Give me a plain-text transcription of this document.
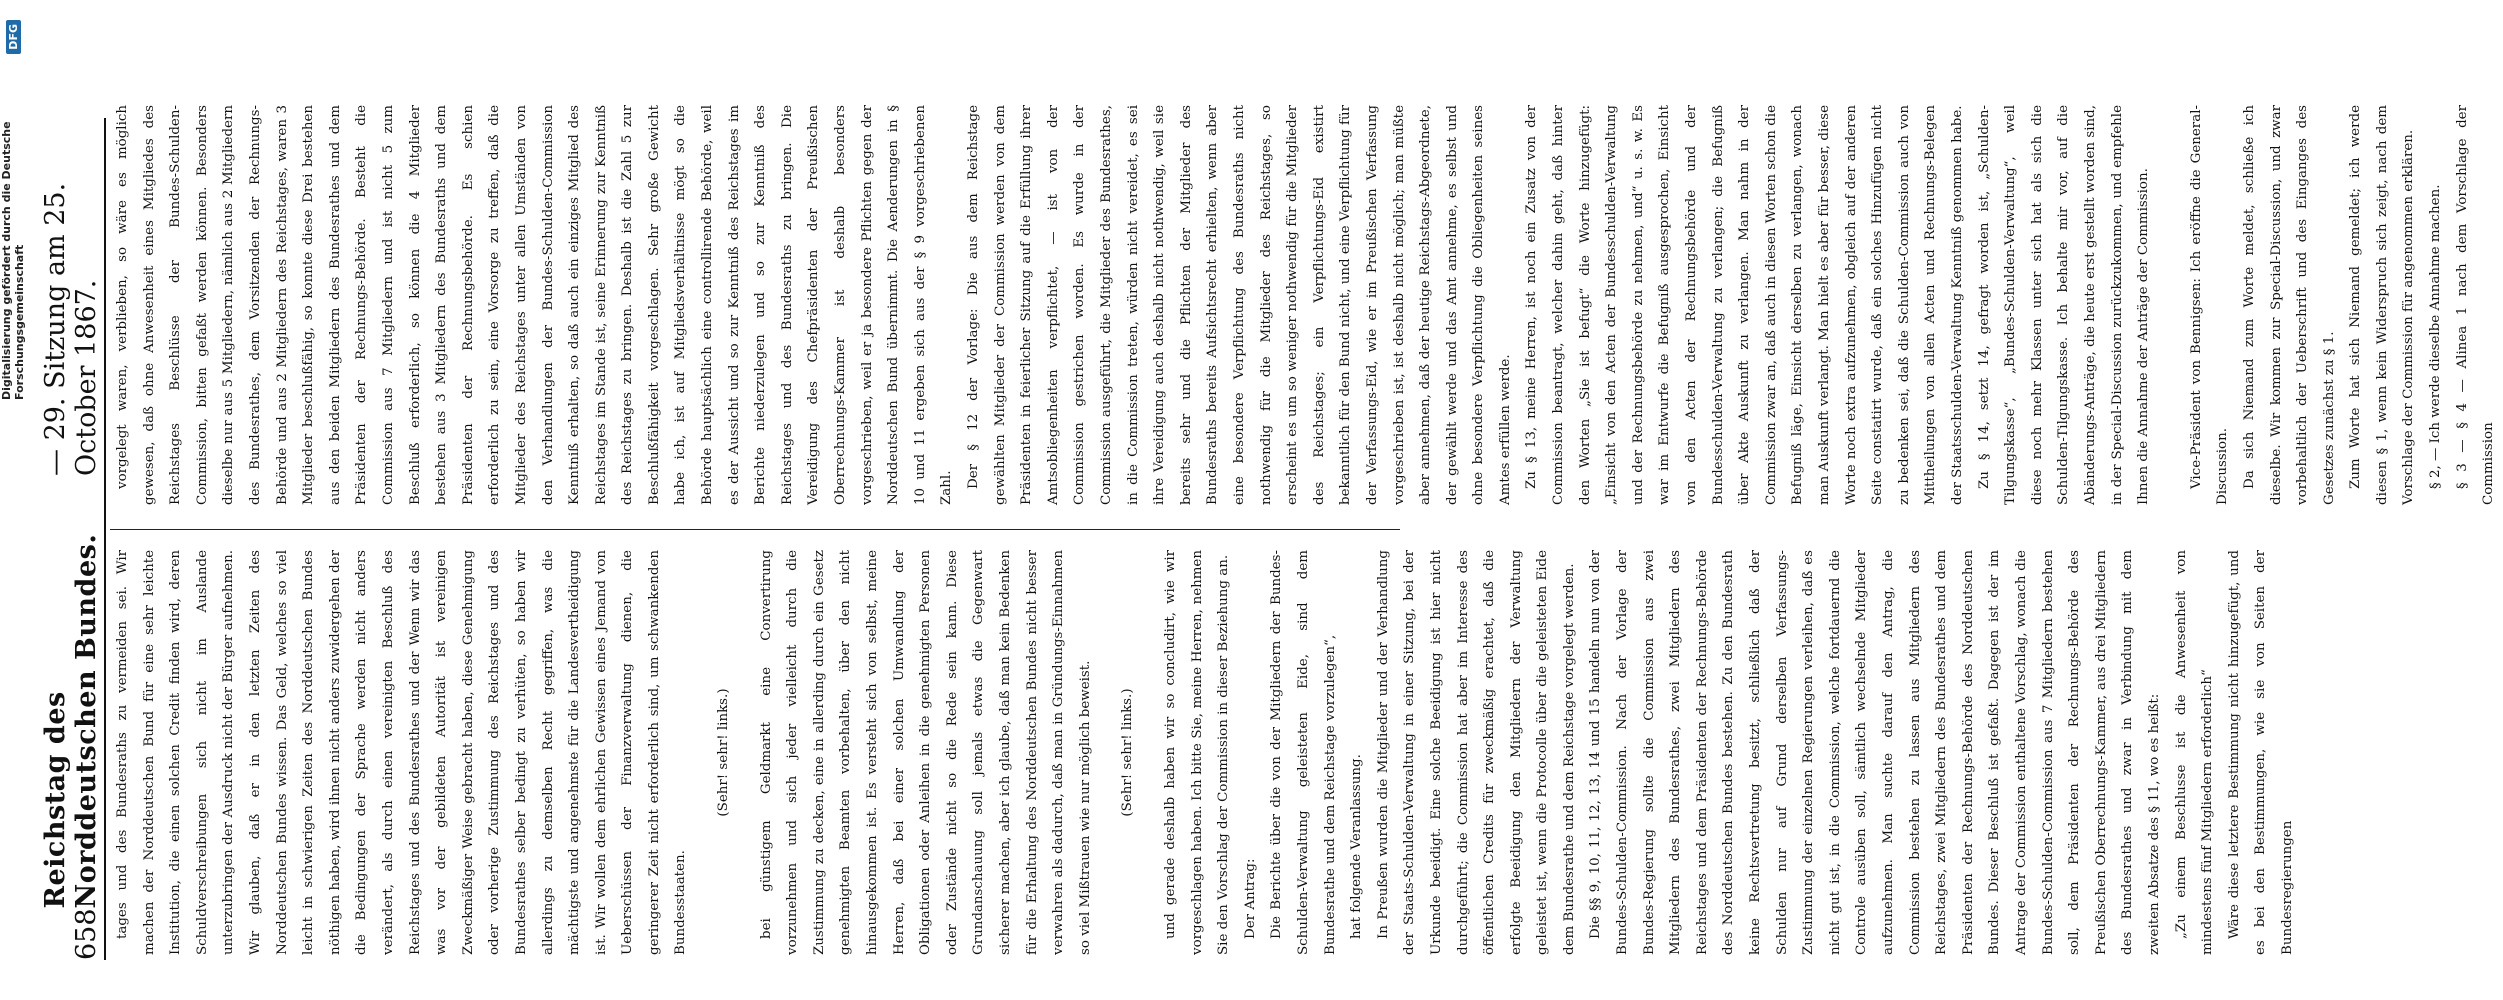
658
Reichstag des Norddeutschen Bundes.
— 29. Sitzung am 25. October 1867.

tages und des Bundesraths zu vermeiden sei. Wir machen der Norddeutschen Bund für eine sehr leichte Institution, die einen solchen Credit finden wird, deren Schuldverschreibungen sich nicht im Auslande unterzubringen der Ausdruck nicht der Bürger aufnehmen. Wir glauben, daß er in den letzten Zeiten des Norddeutschen Bundes wissen. Das Geld, welches so viel leicht in schwierigen Zeiten des Norddeutschen Bundes nöthigen haben, wird ihnen nicht anders zuwidergehen der die Bedingungen der Sprache werden nicht anders verändert, als durch einen vereinigten Beschluß des Reichstages und des Bundesrathes und der Wenn wir das was vor der gebildeten Autorität ist vereinigen Zweckmäßiger Weise gebracht haben, diese Genehmigung oder vorherige Zustimmung des Reichstages und des Bundesrathes selber bedingt zu verhüten, so haben wir allerdings zu demselben Recht gegriffen, was die mächtigste und angenehmste für die Landesvertheidigung ist. Wir wollen dem ehrlichen Gewissen eines Jemand von Ueberschüssen der Finanzverwaltung dienen, die geringerer Zeit nicht erforderlich sind, um schwankenden Bundesstaaten.

(Sehr! sehr! links.)	bei günstigem Geldmarkt eine Convertirung vorzunehmen und sich jeder vielleicht durch die Zustimmung zu decken, eine in allerding durch ein Gesetz genehmigten Beamten vorbehalten, über den nicht hinausgekommen ist. Es versteht sich von selbst, meine Herren, daß bei einer solchen Umwandlung der Obligationen oder Anleihen in die genehmigten Personen oder Zustände nicht so die Rede sein kann. Diese Grundanschauung soll jemals etwas die Gegenwart sicherer machen, aber ich glaube, daß man kein Bedenken für die Erhaltung des Norddeutschen Bundes nicht besser verwahren als dadurch, daß man in Gründungs-Einnahmen so viel Mißtrauen wie nur möglich beweist.	(Sehr! sehr! links.)	und gerade deshalb haben wir so concludirt, wie wir vorgeschlagen haben. Ich bitte Sie, meine Herren, nehmen Sie den Vorschlag der Commission in dieser Beziehung an. Der Antrag: Die Berichte über die von der Mitgliedern der Bundes-Schulden-Verwaltung geleisteten Eide, sind dem Bundesrathe und dem Reichstage vorzulegen“, hat folgende Veranlassung. In Preußen wurden die Mitglieder und der Verhandlung der Staats-Schulden-Verwaltung in einer Sitzung, bei der Urkunde beeidigt. Eine solche Beeidigung ist hier nicht durchgeführt; die Commission hat aber im Interesse des öffentlichen Credits für zweckmäßig erachtet, daß die erfolgte Beeidigung den Mitgliedern der Verwaltung geleistet ist, wenn die Protocolle über die geleisteten Eide dem Bundesrathe und dem Reichstage vorgelegt werden. Die §§ 9, 10, 11, 12, 13, 14 und 15 handeln nun von der Bundes-Schulden-Commission. Nach der Vorlage der Bundes-Regierung sollte die Commission aus zwei Mitgliedern des Bundesrathes, zwei Mitgliedern des Reichstages und dem Präsidenten der Rechnungs-Behörde des Norddeutschen Bundes bestehen. Zu den Bundesrath keine Rechtsvertretung besitzt, schließlich daß der Schulden nur auf Grund derselben Verfassungs-Zustimmung der einzelnen Regierungen verleihen, daß es nicht gut ist, in die Commission, welche fortdauernd die Controle ausüben soll, sämtlich wechselnde Mitglieder aufzunehmen. Man suchte darauf den Antrag, die Commission bestehen zu lassen aus Mitgliedern des Reichstages, zwei Mitgliedern des Bundesrathes und dem Präsidenten der Rechnungs-Behörde des Norddeutschen Bundes. Dieser Beschluß ist gefaßt. Dagegen ist der im Antrage der Commission enthaltene Vorschlag, wonach die Bundes-Schulden-Commission aus 7 Mitgliedern bestehen soll, dem Präsidenten der Rechnungs-Behörde des Preußischen Oberrechnungs-Kammer, aus drei Mitgliedern des Bundesrathes und zwar in Verbindung mit dem zweiten Absatze des § 11, wo es heißt: „Zu einem Beschlusse ist die Anwesenheit von mindestens fünf Mitgliedern erforderlich“ Wäre diese letztere Bestimmung nicht hinzugefügt, und es bei den Bestimmungen, wie sie von Seiten der Bundesregierungen

vorgelegt waren, verblieben, so wäre es möglich gewesen, daß ohne Anwesenheit eines Mitgliedes des Reichstages Beschlüsse der Bundes-Schulden-Commission, bitten gefaßt werden können. Besonders dieselbe nur aus 5 Mitgliedern, nämlich aus 2 Mitgliedern des Bundesrathes, dem Vorsitzenden der Rechnungs-Behörde und aus 2 Mitgliedern des Reichstages, waren 3 Mitglieder beschlußfähig, so konnte diese Drei bestehen aus den beiden Mitgliedern des Bundesrathes und dem Präsidenten der Rechnungs-Behörde. Besteht die Commission aus 7 Mitgliedern und ist nicht 5 zum Beschluß erforderlich, so können die 4 Mitglieder bestehen aus 3 Mitgliedern des Bundesraths und dem Präsidenten der Rechnungsbehörde. Es schien erforderlich zu sein, eine Vorsorge zu treffen, daß die Mitglieder des Reichstages unter allen Umständen von den Verhandlungen der Bundes-Schulden-Commission Kenntniß erhalten, so daß auch ein einziges Mitglied des Reichstages im Stande ist, seine Erinnerung zur Kenntniß des Reichstages zu bringen. Deshalb ist die Zahl 5 zur Beschlußfähigkeit vorgeschlagen. Sehr große Gewicht habe ich, ist auf Mitgliedsverhältnisse mögt so die Behörde hauptsächlich eine controllirende Behörde, weil es der Aussicht und so zur Kenntniß des Reichstages im Berichte niederzulegen und so zur Kenntniß des Reichstages und des Bundesraths zu bringen. Die Vereidigung des Chefpräsidenten der Preußischen Oberrechnungs-Kammer ist deshalb besonders vorgeschrieben, weil er ja besondere Pflichten gegen der Norddeutschen Bund übernimmt. Die Aenderungen in § 10 und 11 ergeben sich aus der § 9 vorgeschriebenen Zahl. Der § 12 der Vorlage: Die aus dem Reichstage gewählten Mitglieder der Commission werden von dem Präsidenten in feierlicher Sitzung auf die Erfüllung ihrer Amtsobliegenheiten verpflichtet, — ist von der Commission gestrichen worden. Es wurde in der Commission ausgeführt, die Mitglieder des Bundesrathes, in die Commission treten, würden nicht vereidet, es sei ihre Vereidigung auch deshalb nicht nothwendig, weil sie bereits sehr und die Pflichten der Mitglieder des Bundesraths bereits Aufsichtsrecht erhielten, wenn aber eine besondere Verpflichtung des Bundesraths nicht nothwendig für die Mitglieder des Reichstages, so erscheint es um so weniger nothwendig für die Mitglieder des Reichstages; ein Verpflichtungs-Eid existirt bekanntlich für den Bund nicht, und eine Verpflichtung für der Verfassungs-Eid, wie er im Preußischen Verfassung vorgeschrieben ist, ist deshalb nicht möglich; man müßte aber annehmen, daß der heutige Reichstags-Abgeordnete, der gewählt werde und das Amt annehme, es selbst und ohne besondere Verpflichtung die Obliegenheiten seines Amtes erfüllen werde. Zu § 13, meine Herren, ist noch ein Zusatz von der Commission beantragt, welcher dahin geht, daß hinter den Worten „Sie ist befugt“ die Worte hinzugefügt: „Einsicht von den Acten der Bundesschulden-Verwaltung und der Rechnungsbehörde zu nehmen, und“ u. s. w. Es war im Entwurfe die Befugniß ausgesprochen, Einsicht von den Acten der Rechnungsbehörde und der Bundesschulden-Verwaltung zu verlangen; die Befugniß über Akte Auskunft zu verlangen. Man nahm in der Commission zwar an, daß auch in diesen Worten schon die Befugniß läge, Einsicht derselben zu verlangen, wonach man Auskunft verlangt. Man hielt es aber für besser, diese Worte noch extra aufzunehmen, obgleich auf der anderen Seite constatirt wurde, daß ein solches Hinzufügen nicht zu bedenken sei, daß die Schulden-Commission auch von Mittheilungen von allen Acten und Rechnungs-Belegen der Staatsschulden-Verwaltung Kenntniß genommen habe. Zu § 14, setzt 14, gefragt worden ist, „Schulden-Tilgungskasse“, „Bundes-Schulden-Verwaltung“, weil diese noch mehr Klassen unter sich hat als sich die Schulden-Tilgungskasse. Ich behalte mir vor, auf die Abänderungs-Anträge, die heute erst gestellt worden sind, in der Special-Discussion zurückzukommen, und empfehle Ihnen die Annahme der Anträge der Commission.	Vice-Präsident von Bennigsen: Ich eröffne die General-Discussion. Da sich Niemand zum Worte meldet, schließe ich dieselbe. Wir kommen zur Special-Discussion, und zwar vorbehaltlich der Ueberschrift und des Einganges des Gesetzes zunächst zu § 1. Zum Worte hat sich Niemand gemeldet; ich werde diesen § 1, wenn kein Widerspruch sich zeigt, nach dem Vorschlage der Commission für angenommen erklären. § 2, — Ich werde dieselbe Annahme machen. § 3 — § 4 — Alinea 1 nach dem Vorschlage der Commission

Digitalisierung gefördert durch die Deutsche Forschungsgemeinschaft
DFG
